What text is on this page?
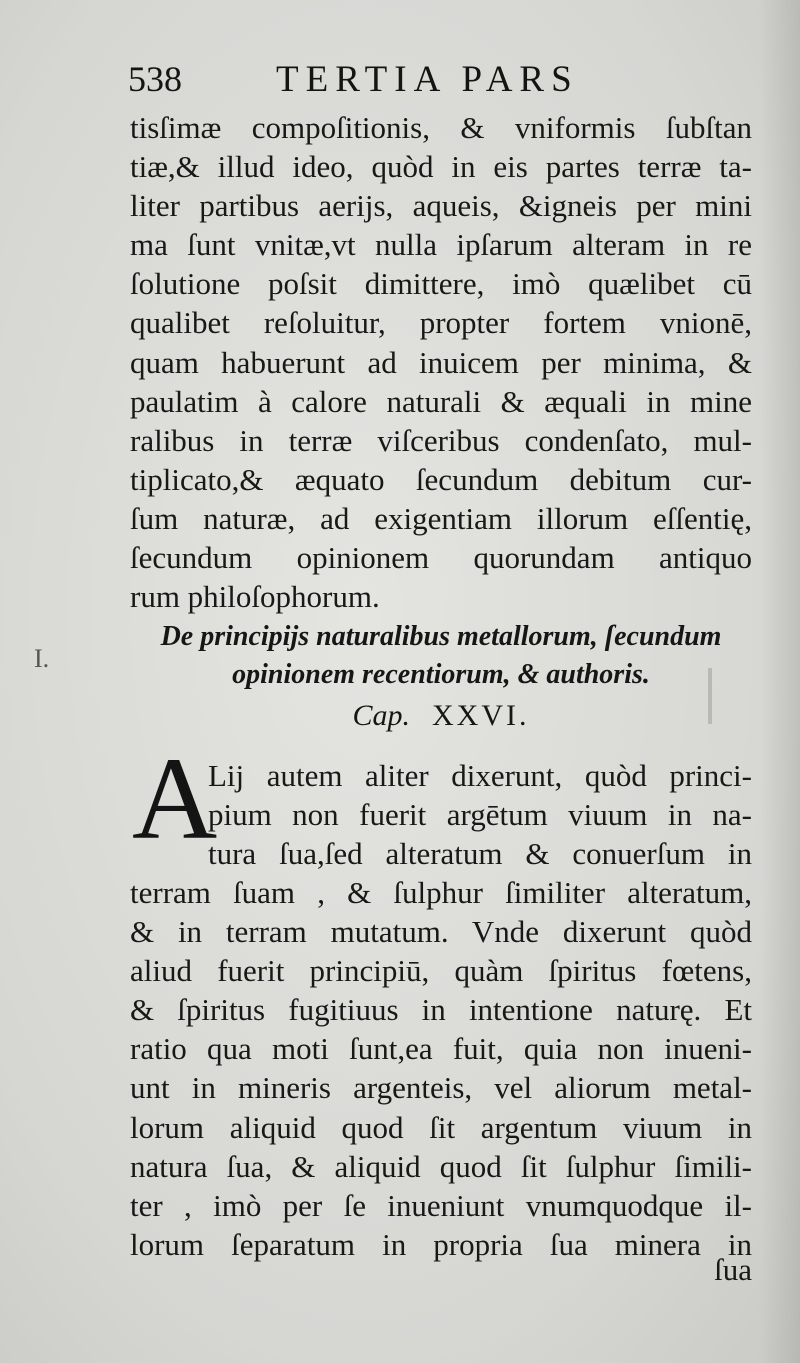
538	TERTIA PARS
I.
tisſimæ compoſitionis, & vniformis ſubſtan
tiæ,& illud ideo, quòd in eis partes terræ ta-
liter partibus aerijs, aqueis, &igneis per mini
ma ſunt vnitæ,vt nulla ipſarum alteram in re
ſolutione poſsit dimittere, imò quælibet cū
qualibet reſoluitur, propter fortem vnionē,
quam habuerunt ad inuicem per minima, &
paulatim à calore naturali & æquali in mine
ralibus in terræ viſceribus condenſato, mul-
tiplicato,& æquato ſecundum debitum cur-
ſum naturæ, ad exigentiam illorum eſſentię,
ſecundum opinionem quorundam antiquo
rum philoſophorum.
De principijs naturalibus metallorum, ſecundum
opinionem recentiorum, & authoris.
Cap. XXVI.
A
Lij autem aliter dixerunt, quòd princi-
pium non fuerit argētum viuum in na-
tura ſua,ſed alteratum & conuerſum in
terram ſuam , & ſulphur ſimiliter alteratum,
& in terram mutatum. Vnde dixerunt quòd
aliud fuerit principiū, quàm ſpiritus fœtens,
& ſpiritus fugitiuus in intentione naturę. Et
ratio qua moti ſunt,ea fuit, quia non inueni-
unt in mineris argenteis, vel aliorum metal-
lorum aliquid quod ſit argentum viuum in
natura ſua, & aliquid quod ſit ſulphur ſimili-
ter , imò per ſe inueniunt vnumquodque il-
lorum ſeparatum in propria ſua minera in
ſua
